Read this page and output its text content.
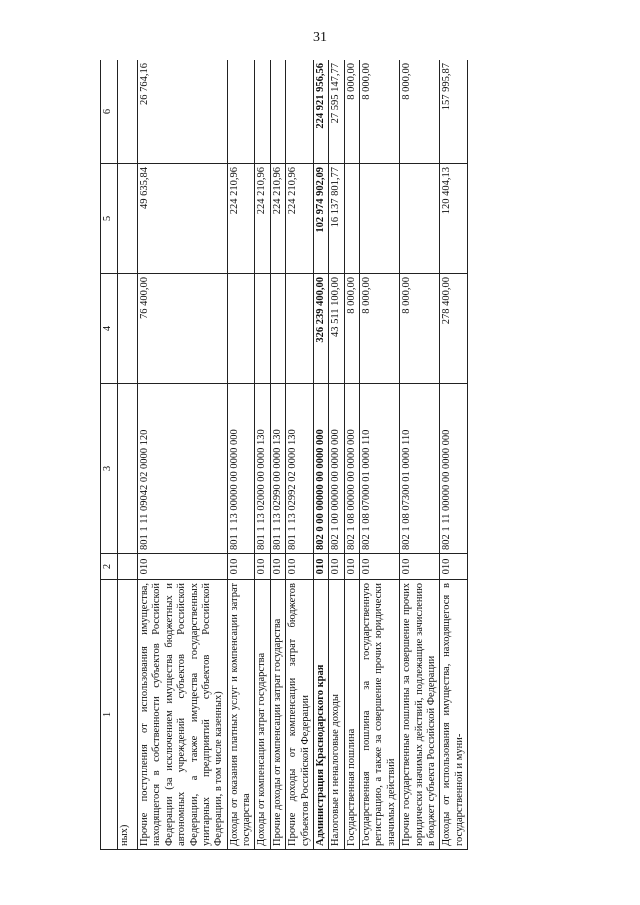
31
1	2	3	4	5	6
ных)					
Прочие поступления от использования имущества, находящегося в собственности субъектов Российской Федерации (за исключением имущества бюджетных и автономных учреждений субъектов Российской Федерации, а также имущества государственных унитарных предприятий субъектов Российской Федерации, в том числе казенных)	010	801 1 11 09042 02 0000 120	76 400,00	49 635,84	26 764,16
Доходы от оказания платных услуг и компенсации затрат государства	010	801 1 13 00000 00 0000 000		224 210,96	
Доходы от компенсации затрат государства	010	801 1 13 02000 00 0000 130		224 210,96	
Прочие доходы от компенсации затрат государства	010	801 1 13 02990 00 0000 130		224 210,96	
Прочие доходы от компенсации затрат бюджетов субъектов Российской Федерации	010	801 1 13 02992 02 0000 130		224 210,96	
Администрация Краснодарского края	010	802 0 00 00000 00 0000 000	326 239 400,00	102 974 902,09	224 921 956,56
Налоговые и неналоговые доходы	010	802 1 00 00000 00 0000 000	43 511 100,00	16 137 801,77	27 595 147,77
Государственная пошлина	010	802 1 08 00000 00 0000 000	8 000,00		8 000,00
Государственная пошлина за государственную регистрацию, а также за совершение прочих юридически значимых действий	010	802 1 08 07000 01 0000 110	8 000,00		8 000,00
Прочие государственные пошлины за совершение прочих юридически значимых действий, подлежащие зачислению в бюджет субъекта Российской Федерации	010	802 1 08 07300 01 0000 110	8 000,00		8 000,00
Доходы от использования имущества, находящегося в государственной и муни-	010	802 1 11 00000 00 0000 000	278 400,00	120 404,13	157 995,87
